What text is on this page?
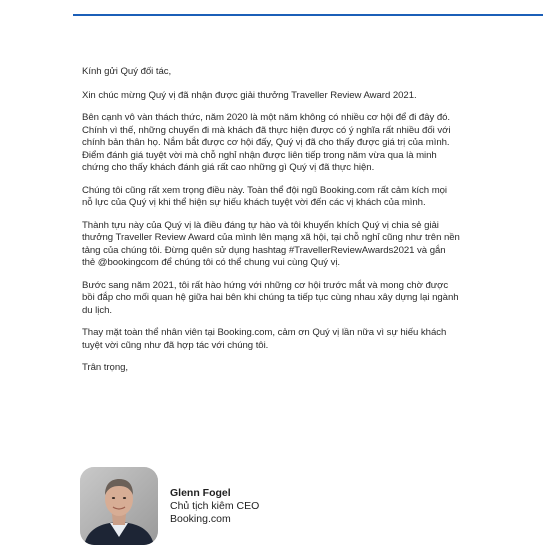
Kính gửi Quý đối tác,

Xin chúc mừng Quý vị đã nhận được giải thưởng Traveller Review Award 2021.

Bên cạnh vô vàn thách thức, năm 2020 là một năm không có nhiều cơ hội để đi đây đó. Chính vì thế, những chuyến đi mà khách đã thực hiện được có ý nghĩa rất nhiều đối với chính bản thân họ. Nắm bắt được cơ hội đấy, Quý vị đã cho thấy được giá trị của mình. Điểm đánh giá tuyệt vời mà chỗ nghỉ nhận được liên tiếp trong năm vừa qua là minh chứng cho thấy khách đánh giá rất cao những gì Quý vị đã thực hiện.

Chúng tôi cũng rất xem trọng điều này. Toàn thể đội ngũ Booking.com rất cảm kích mọi nỗ lực của Quý vị khi thể hiện sự hiếu khách tuyệt vời đến các vị khách của mình.

Thành tựu này của Quý vị là điều đáng tự hào và tôi khuyến khích Quý vị chia sẻ giải thưởng Traveller Review Award của mình lên mạng xã hội, tại chỗ nghỉ cũng như trên nền tảng của chúng tôi. Đừng quên sử dụng hashtag #TravellerReviewAwards2021 và gắn thẻ @bookingcom để chúng tôi có thể chung vui cùng Quý vị.

Bước sang năm 2021, tôi rất hào hứng với những cơ hội trước mắt và mong chờ được bồi đắp cho mối quan hệ giữa hai bên khi chúng ta tiếp tục cùng nhau xây dựng lại ngành du lịch.

Thay mặt toàn thể nhân viên tại Booking.com, cảm ơn Quý vị lần nữa vì sự hiếu khách tuyệt vời cũng như đã hợp tác với chúng tôi.

Trân trọng,

Glenn Fogel
Chủ tịch kiêm CEO
Booking.com
